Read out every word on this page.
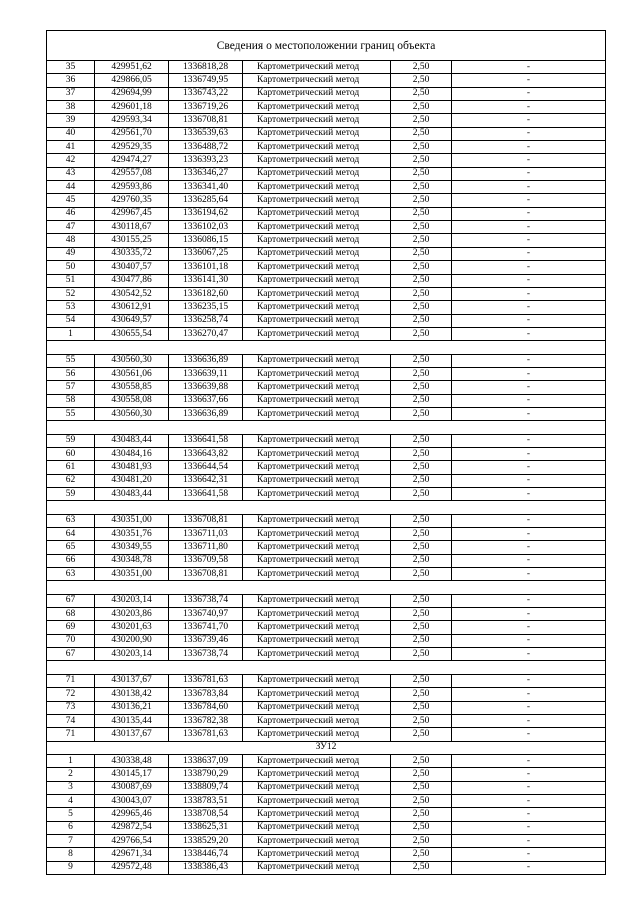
Сведения о местоположении границ объекта
35	429951,62	1336818,28	Картометрический метод	2,50	-
36	429866,05	1336749,95	Картометрический метод	2,50	-
37	429694,99	1336743,22	Картометрический метод	2,50	-
38	429601,18	1336719,26	Картометрический метод	2,50	-
39	429593,34	1336708,81	Картометрический метод	2,50	-
40	429561,70	1336539,63	Картометрический метод	2,50	-
41	429529,35	1336488,72	Картометрический метод	2,50	-
42	429474,27	1336393,23	Картометрический метод	2,50	-
43	429557,08	1336346,27	Картометрический метод	2,50	-
44	429593,86	1336341,40	Картометрический метод	2,50	-
45	429760,35	1336285,64	Картометрический метод	2,50	-
46	429967,45	1336194,62	Картометрический метод	2,50	-
47	430118,67	1336102,03	Картометрический метод	2,50	-
48	430155,25	1336086,15	Картометрический метод	2,50	-
49	430335,72	1336067,25	Картометрический метод	2,50	-
50	430407,57	1336101,18	Картометрический метод	2,50	-
51	430477,86	1336141,30	Картометрический метод	2,50	-
52	430542,52	1336182,60	Картометрический метод	2,50	-
53	430612,91	1336235,15	Картометрический метод	2,50	-
54	430649,57	1336258,74	Картометрический метод	2,50	-
1	430655,54	1336270,47	Картометрический метод	2,50	-

55	430560,30	1336636,89	Картометрический метод	2,50	-
56	430561,06	1336639,11	Картометрический метод	2,50	-
57	430558,85	1336639,88	Картометрический метод	2,50	-
58	430558,08	1336637,66	Картометрический метод	2,50	-
55	430560,30	1336636,89	Картометрический метод	2,50	-

59	430483,44	1336641,58	Картометрический метод	2,50	-
60	430484,16	1336643,82	Картометрический метод	2,50	-
61	430481,93	1336644,54	Картометрический метод	2,50	-
62	430481,20	1336642,31	Картометрический метод	2,50	-
59	430483,44	1336641,58	Картометрический метод	2,50	-

63	430351,00	1336708,81	Картометрический метод	2,50	-
64	430351,76	1336711,03	Картометрический метод	2,50	-
65	430349,55	1336711,80	Картометрический метод	2,50	-
66	430348,78	1336709,58	Картометрический метод	2,50	-
63	430351,00	1336708,81	Картометрический метод	2,50	-

67	430203,14	1336738,74	Картометрический метод	2,50	-
68	430203,86	1336740,97	Картометрический метод	2,50	-
69	430201,63	1336741,70	Картометрический метод	2,50	-
70	430200,90	1336739,46	Картометрический метод	2,50	-
67	430203,14	1336738,74	Картометрический метод	2,50	-

71	430137,67	1336781,63	Картометрический метод	2,50	-
72	430138,42	1336783,84	Картометрический метод	2,50	-
73	430136,21	1336784,60	Картометрический метод	2,50	-
74	430135,44	1336782,38	Картометрический метод	2,50	-
71	430137,67	1336781,63	Картометрический метод	2,50	-
ЗУ12					
1	430338,48	1338637,09	Картометрический метод	2,50	-
2	430145,17	1338790,29	Картометрический метод	2,50	-
3	430087,69	1338809,74	Картометрический метод	2,50	-
4	430043,07	1338783,51	Картометрический метод	2,50	-
5	429965,46	1338708,54	Картометрический метод	2,50	-
6	429872,54	1338625,31	Картометрический метод	2,50	-
7	429766,54	1338529,20	Картометрический метод	2,50	-
8	429671,34	1338446,74	Картометрический метод	2,50	-
9	429572,48	1338386,43	Картометрический метод	2,50	-
